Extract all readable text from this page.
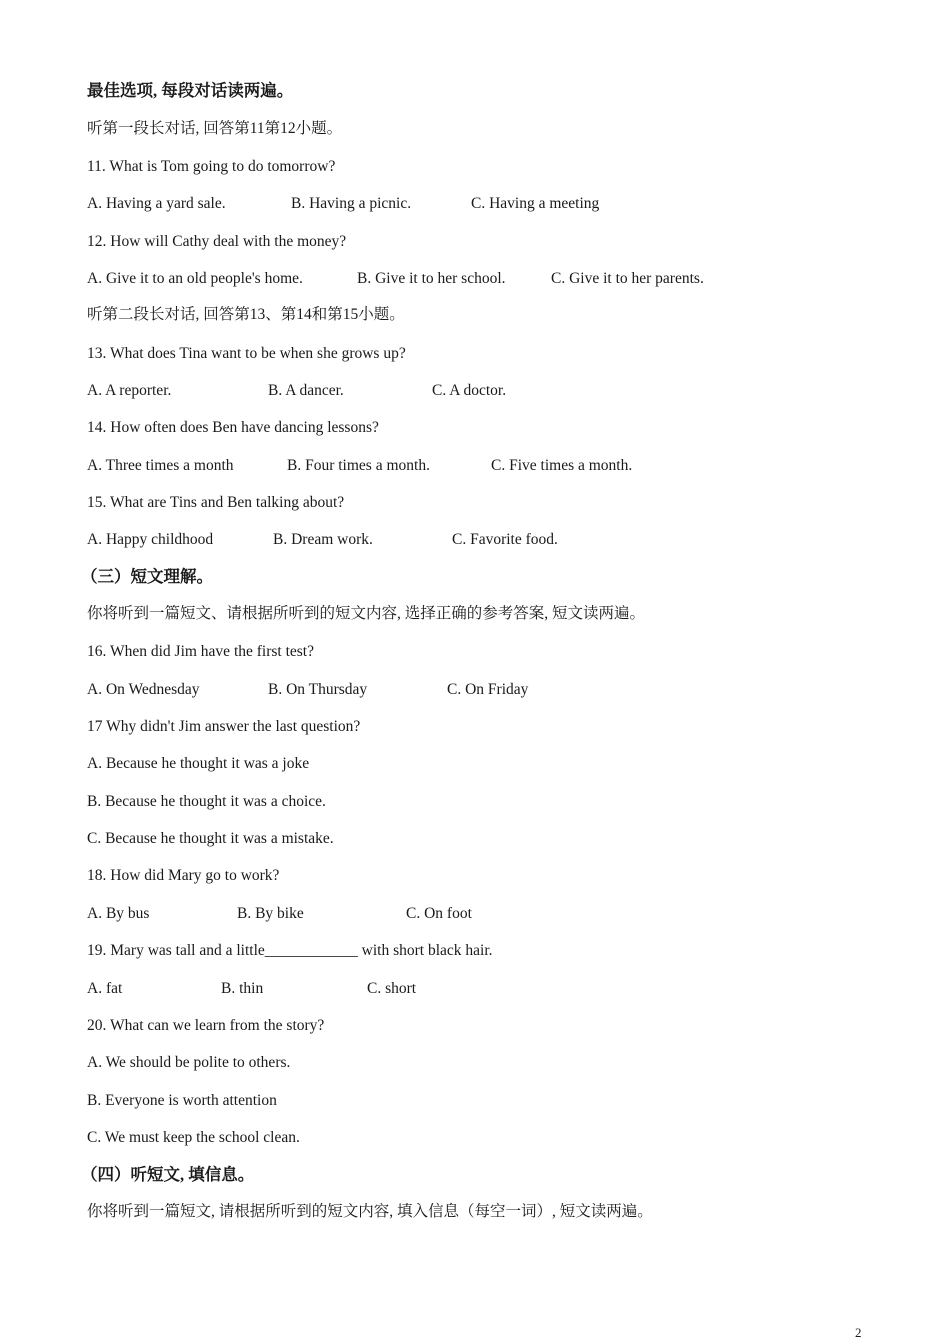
最佳选项, 每段对话读两遍。
听第一段长对话, 回答第11第12小题。
11. What is Tom going to do tomorrow?
A. Having a yard sale.	B. Having a picnic.	C. Having a meeting
12. How will Cathy deal with the money?
A. Give it to an old people's home.	B. Give it to her school.	C. Give it to her parents.
听第二段长对话, 回答第13、第14和第15小题。
13. What does Tina want to be when she grows up?
A. A reporter.	B. A dancer.	C. A doctor.
14. How often does Ben have dancing lessons?
A. Three times a month	B. Four times a month.	C. Five times a month.
15. What are Tins and Ben talking about?
A. Happy childhood	B. Dream work.	C. Favorite food.
（三）短文理解。
你将听到一篇短文、请根据所听到的短文内容, 选择正确的参考答案, 短文读两遍。
16. When did Jim have the first test?
A. On Wednesday	B. On Thursday	C. On Friday
17 Why didn't Jim answer the last question?
A. Because he thought it was a joke
B. Because he thought it was a choice.
C. Because he thought it was a mistake.
18. How did Mary go to work?
A. By bus	B. By bike	C. On foot
19. Mary was tall and a little____________ with short black hair.
A. fat	B. thin	C. short
20. What can we learn from the story?
A. We should be polite to others.
B. Everyone is worth attention
C. We must keep the school clean.
（四）听短文, 填信息。
你将听到一篇短文, 请根据所听到的短文内容, 填入信息（每空一词）, 短文读两遍。
2
